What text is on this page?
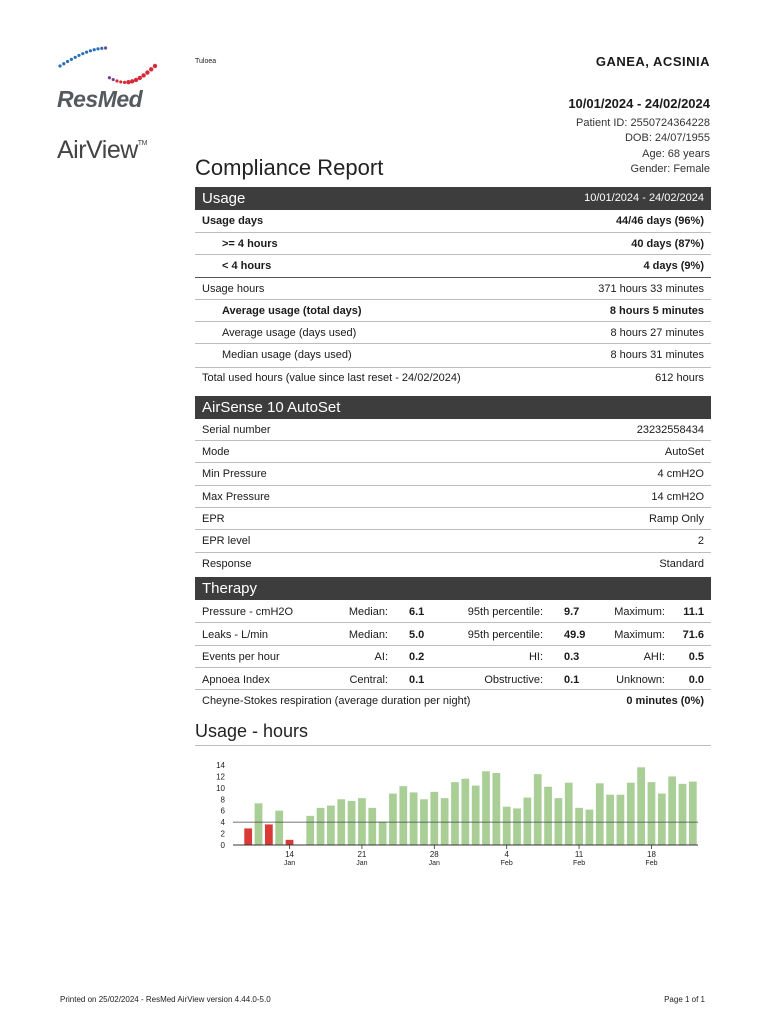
ResMed
AirView™
Tuloea	GANEA, ACSINIA
10/01/2024 - 24/02/2024
Patient ID: 2550724364228
DOB: 24/07/1955
Age: 68 years
Gender: Female
Compliance Report
Usage	10/01/2024 - 24/02/2024
Usage days	44/46 days (96%)
>= 4 hours	40 days (87%)
< 4 hours	4 days (9%)
Usage hours	371 hours 33 minutes
Average usage (total days)	8 hours 5 minutes
Average usage (days used)	8 hours 27 minutes
Median usage (days used)	8 hours 31 minutes
Total used hours (value since last reset - 24/02/2024)	612 hours
AirSense 10 AutoSet
Serial number	23232558434
Mode	AutoSet
Min Pressure	4 cmH2O
Max Pressure	14 cmH2O
EPR	Ramp Only
EPR level	2
Response	Standard
Therapy
Pressure - cmH2O	Median: 6.1	95th percentile: 9.7	Maximum: 11.1
Leaks - L/min	Median: 5.0	95th percentile: 49.9	Maximum: 71.6
Events per hour	AI: 0.2	HI: 0.3	AHI: 0.5
Apnoea Index	Central: 0.1	Obstructive: 0.1	Unknown: 0.0
Cheyne-Stokes respiration (average duration per night)	0 minutes (0%)
Usage - hours
0
2
4
6
8
10
12
14
14
Jan
21
Jan
28
Jan
4
Feb
11
Feb
18
Feb
Printed on 25/02/2024 - ResMed AirView version 4.44.0-5.0	Page 1 of 1
